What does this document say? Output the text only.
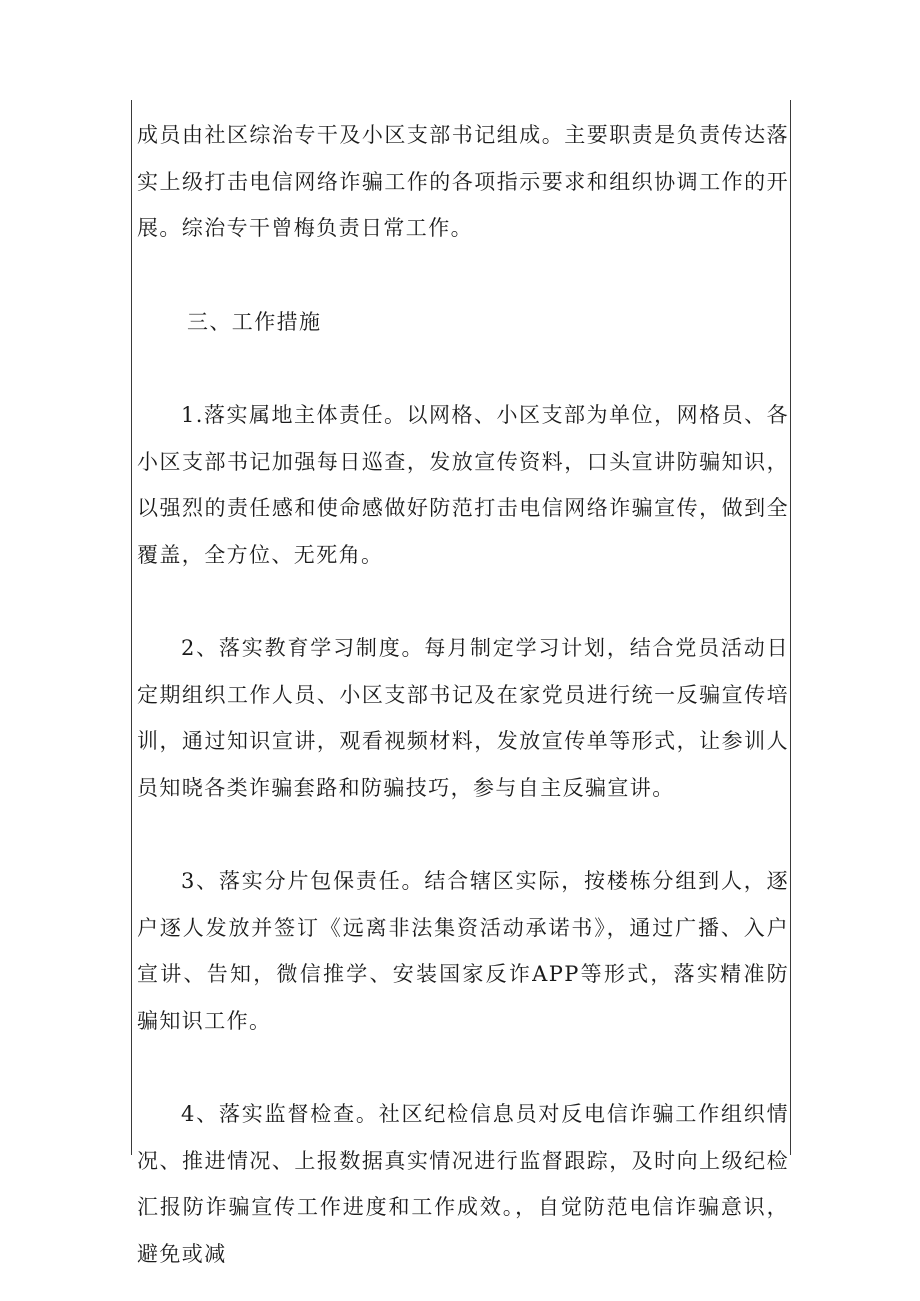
成员由社区综治专干及小区支部书记组成。主要职责是负责传达落实上级打击电信网络诈骗工作的各项指示要求和组织协调工作的开展。综治专干曾梅负责日常工作。

三、工作措施

1.落实属地主体责任。以网格、小区支部为单位，网格员、各小区支部书记加强每日巡查，发放宣传资料，口头宣讲防骗知识，以强烈的责任感和使命感做好防范打击电信网络诈骗宣传，做到全覆盖，全方位、无死角。

2、落实教育学习制度。每月制定学习计划，结合党员活动日定期组织工作人员、小区支部书记及在家党员进行统一反骗宣传培训，通过知识宣讲，观看视频材料，发放宣传单等形式，让参训人员知晓各类诈骗套路和防骗技巧，参与自主反骗宣讲。

3、落实分片包保责任。结合辖区实际，按楼栋分组到人，逐户逐人发放并签订《远离非法集资活动承诺书》，通过广播、入户宣讲、告知，微信推学、安装国家反诈APP等形式，落实精准防骗知识工作。

4、落实监督检查。社区纪检信息员对反电信诈骗工作组织情况、推进情况、上报数据真实情况进行监督跟踪，及时向上级纪检汇报防诈骗宣传工作进度和工作成效。，自觉防范电信诈骗意识，避免或减
